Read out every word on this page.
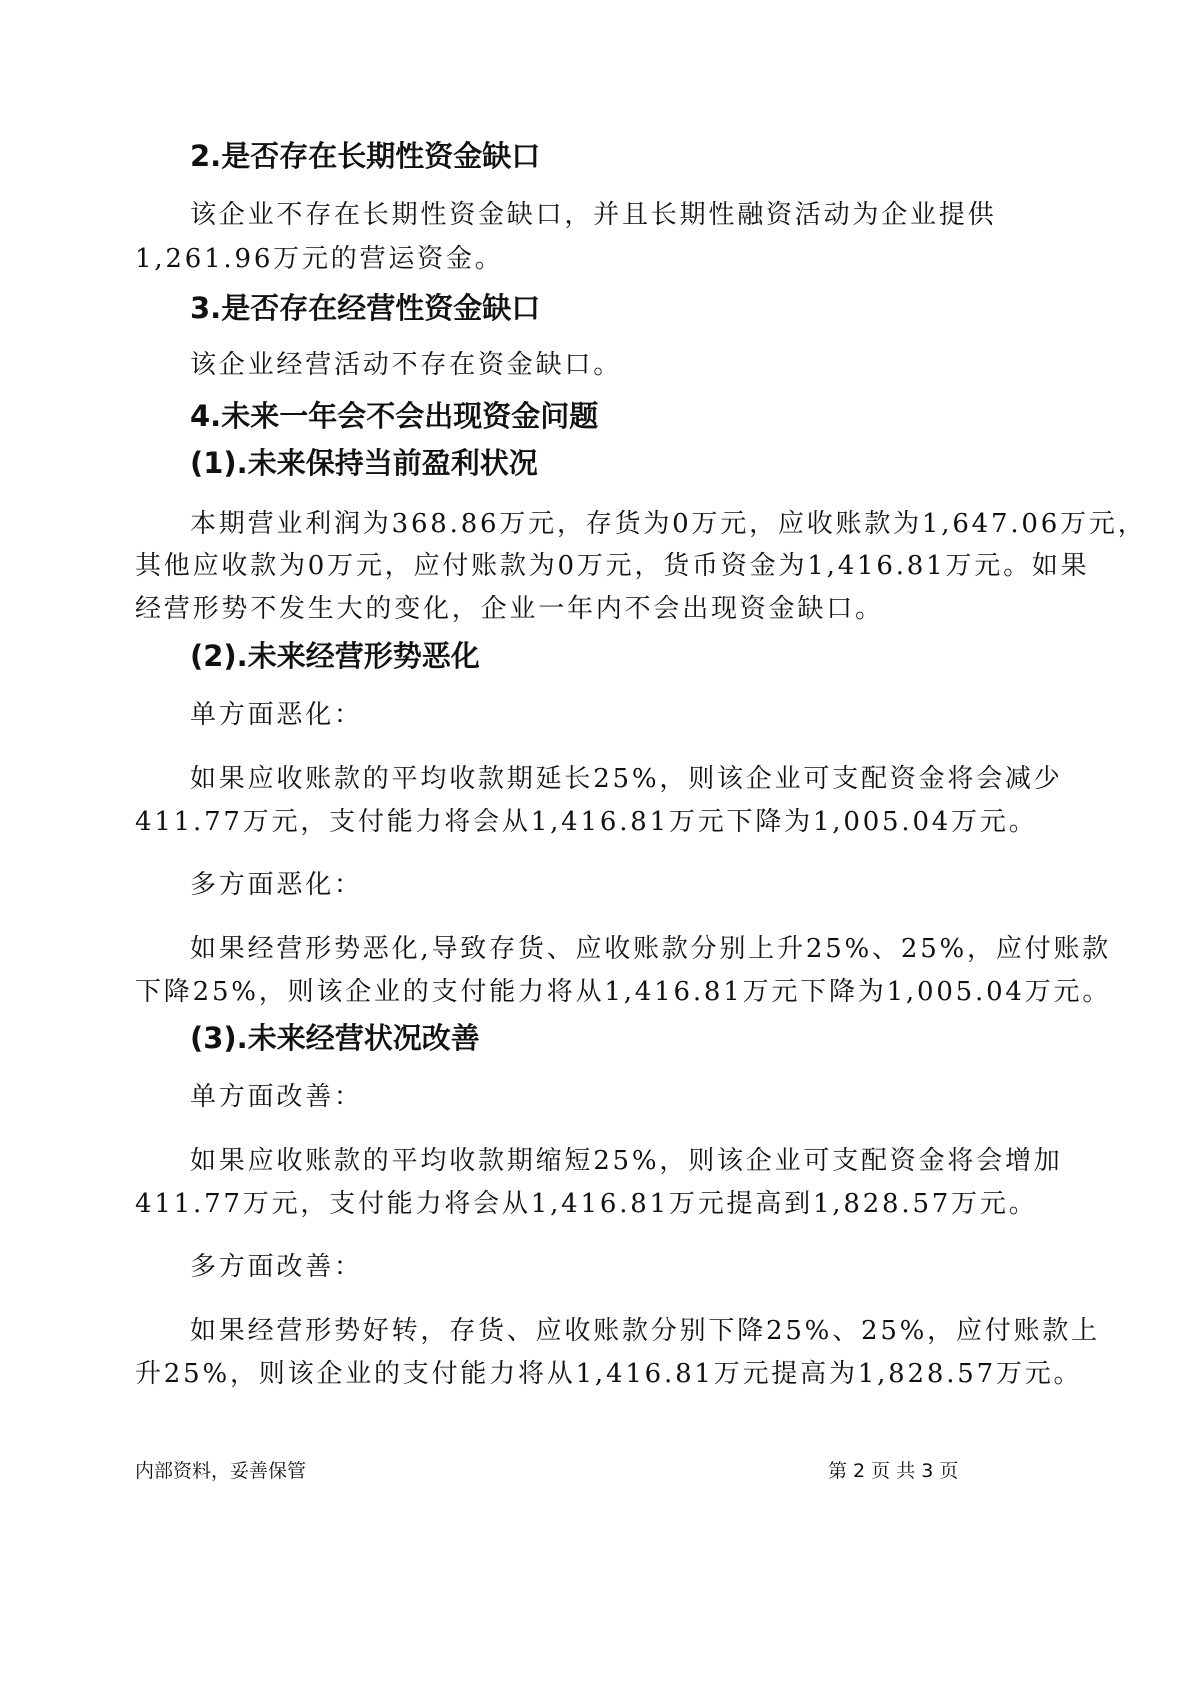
2.是否存在长期性资金缺口
该企业不存在长期性资金缺口，并且长期性融资活动为企业提供
1,261.96万元的营运资金。
3.是否存在经营性资金缺口
该企业经营活动不存在资金缺口。
4.未来一年会不会出现资金问题
(1).未来保持当前盈利状况
本期营业利润为368.86万元，存货为0万元，应收账款为1,647.06万元，
其他应收款为0万元，应付账款为0万元，货币资金为1,416.81万元。如果
经营形势不发生大的变化，企业一年内不会出现资金缺口。
(2).未来经营形势恶化
单方面恶化：
如果应收账款的平均收款期延长25%，则该企业可支配资金将会减少
411.77万元，支付能力将会从1,416.81万元下降为1,005.04万元。
多方面恶化：
如果经营形势恶化,导致存货、应收账款分别上升25%、25%，应付账款
下降25%，则该企业的支付能力将从1,416.81万元下降为1,005.04万元。
(3).未来经营状况改善
单方面改善：
如果应收账款的平均收款期缩短25%，则该企业可支配资金将会增加
411.77万元，支付能力将会从1,416.81万元提高到1,828.57万元。
多方面改善：
如果经营形势好转，存货、应收账款分别下降25%、25%，应付账款上
升25%，则该企业的支付能力将从1,416.81万元提高为1,828.57万元。
内部资料，妥善保管	第 2 页 共 3 页
